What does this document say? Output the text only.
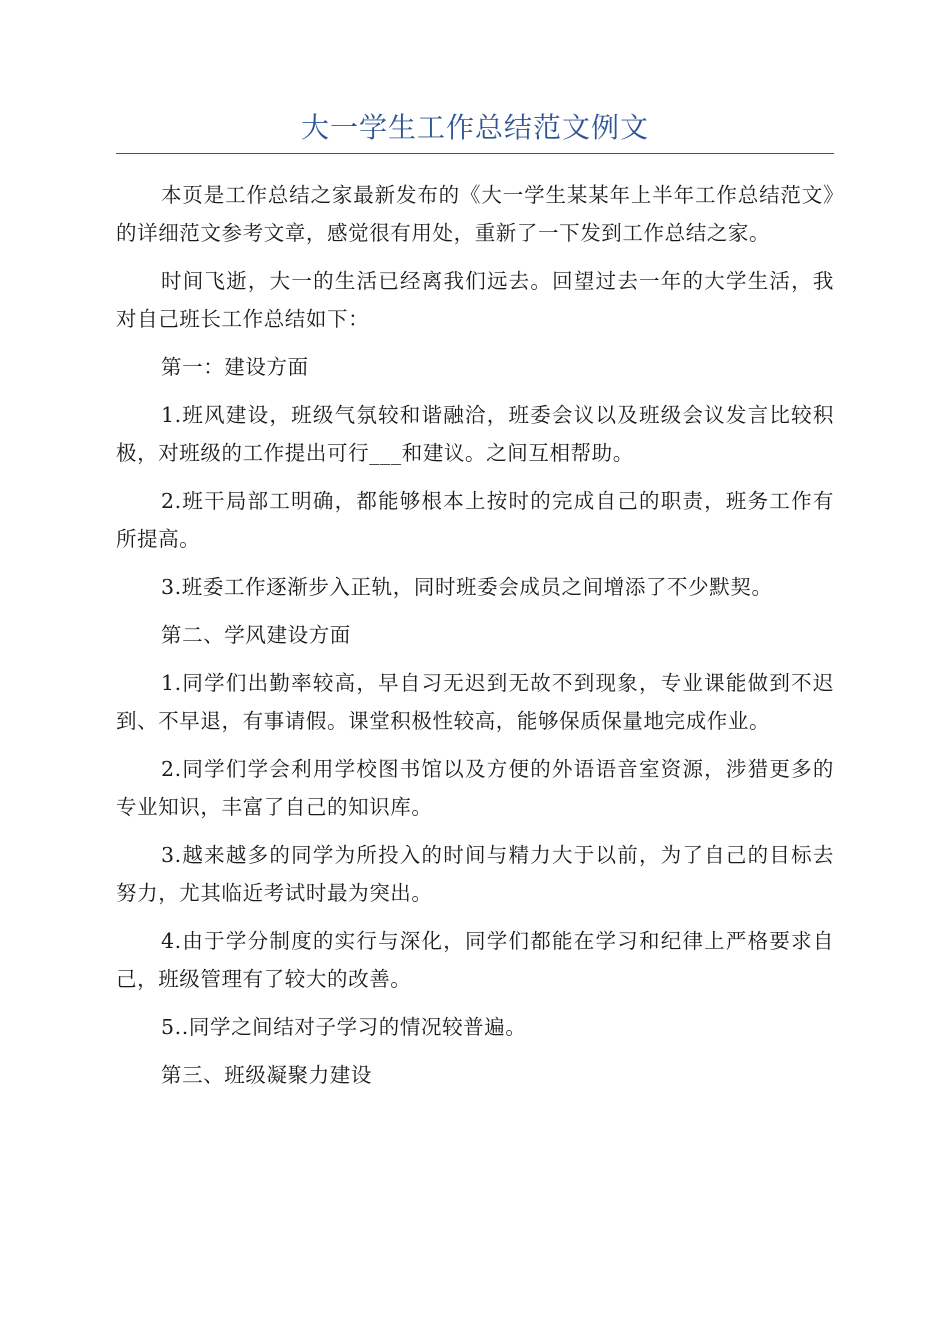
大一学生工作总结范文例文

本页是工作总结之家最新发布的《大一学生某某年上半年工作总结范文》的详细范文参考文章，感觉很有用处，重新了一下发到工作总结之家。

时间飞逝，大一的生活已经离我们远去。回望过去一年的大学生活，我对自己班长工作总结如下：

第一：建设方面

1.班风建设，班级气氛较和谐融洽，班委会议以及班级会议发言比较积极，对班级的工作提出可行___和建议。之间互相帮助。

2.班干局部工明确，都能够根本上按时的完成自己的职责，班务工作有所提高。

3.班委工作逐渐步入正轨，同时班委会成员之间增添了不少默契。

第二、学风建设方面

1.同学们出勤率较高，早自习无迟到无故不到现象，专业课能做到不迟到、不早退，有事请假。课堂积极性较高，能够保质保量地完成作业。

2.同学们学会利用学校图书馆以及方便的外语语音室资源，涉猎更多的专业知识，丰富了自己的知识库。

3.越来越多的同学为所投入的时间与精力大于以前，为了自己的目标去努力，尤其临近考试时最为突出。

4.由于学分制度的实行与深化，同学们都能在学习和纪律上严格要求自己，班级管理有了较大的改善。

5..同学之间结对子学习的情况较普遍。

第三、班级凝聚力建设
